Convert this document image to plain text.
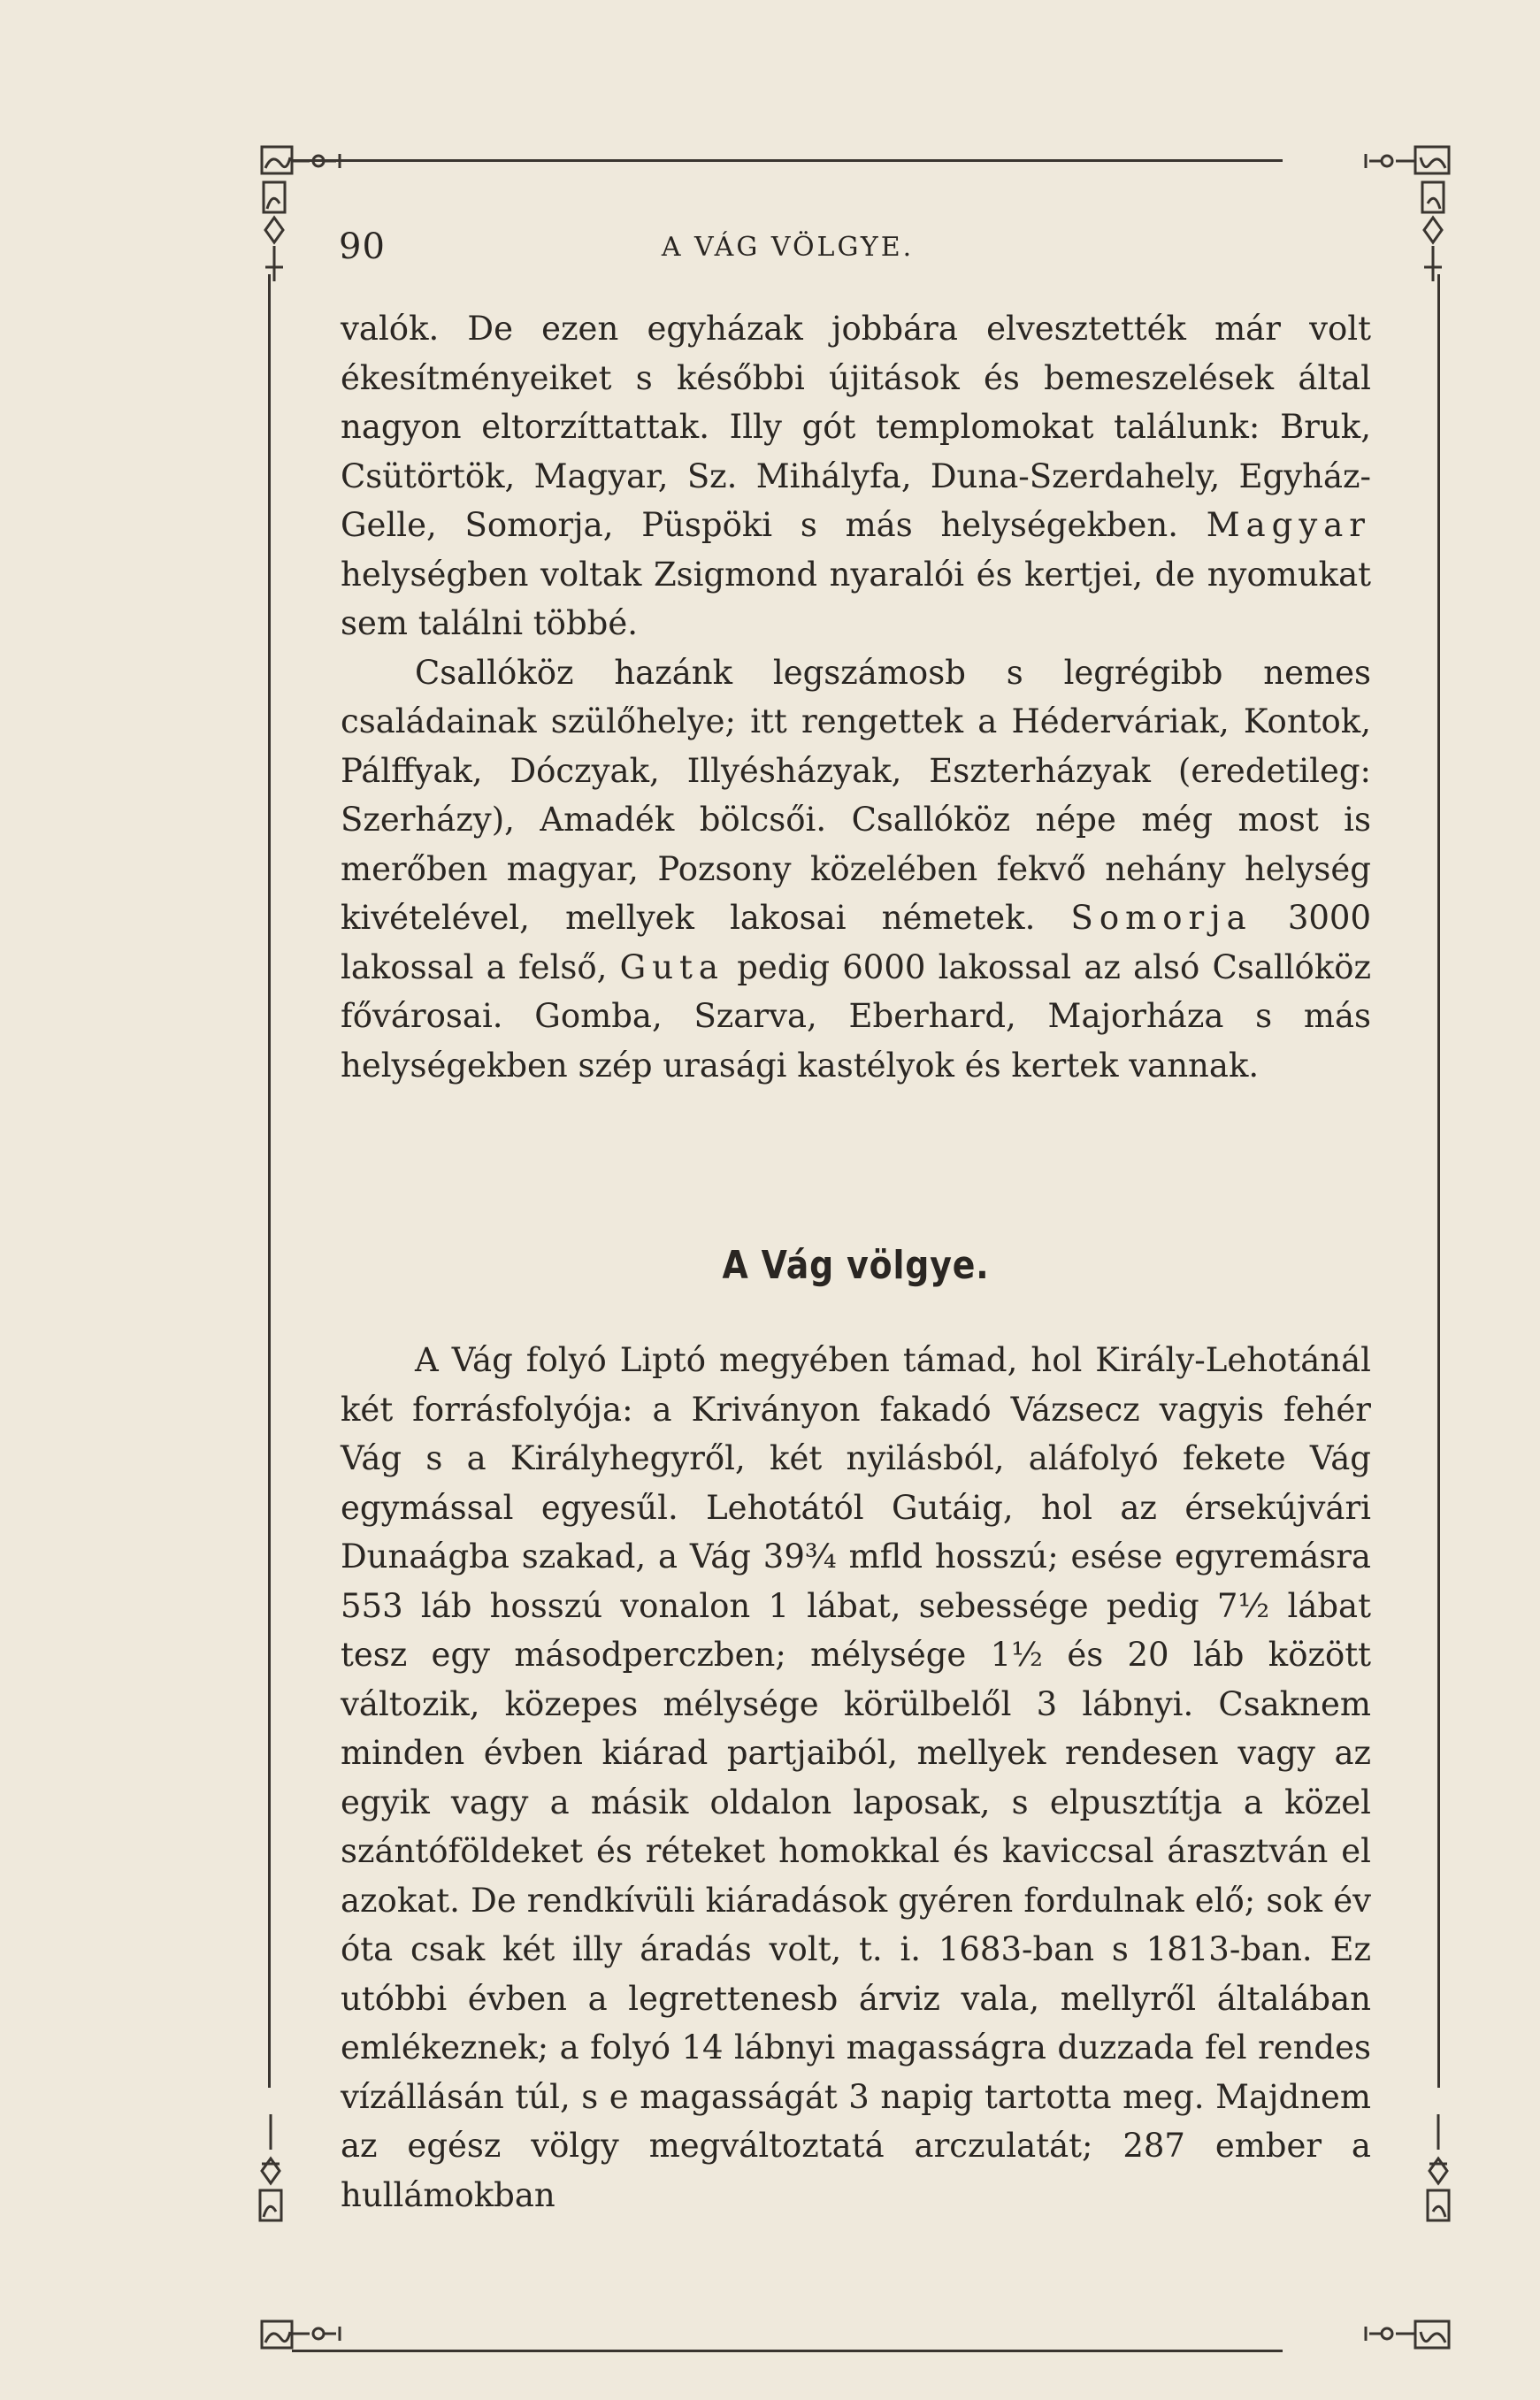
90	A VÁG VÖLGYE.

valók. De ezen egyházak jobbára elvesztették már volt ékesítményeiket s későbbi újitások és bemeszelések által nagyon eltorzíttattak. Illy gót templomokat találunk: Bruk, Csütörtök, Magyar, Sz. Mihályfa, Duna-Szerdahely, Egyház-Gelle, Somorja, Püspöki s más helységekben. Magyar helységben voltak Zsigmond nyaralói és kertjei, de nyomukat sem találni többé.

Csallóköz hazánk legszámosb s legrégibb nemes családainak szülőhelye; itt rengettek a Héderváriak, Kontok, Pálffyak, Dóczyak, Illyésházyak, Eszterházyak (eredetileg: Szerházy), Amadék bölcsői. Csallóköz népe még most is merőben magyar, Pozsony közelében fekvő nehány helység kivételével, mellyek lakosai németek. Somorja 3000 lakossal a felső, Guta pedig 6000 lakossal az alsó Csallóköz fővárosai. Gomba, Szarva, Eberhard, Majorháza s más helységekben szép urasági kastélyok és kertek vannak.

A Vág völgye.

A Vág folyó Liptó megyében támad, hol Király-Lehotánál két forrásfolyója: a Kriványon fakadó Vázsecz vagyis fehér Vág s a Királyhegyről, két nyilásból, aláfolyó fekete Vág egymással egyesűl. Lehotától Gutáig, hol az érsekújvári Dunaágba szakad, a Vág 39¾ mfld hosszú; esése egyremásra 553 láb hosszú vonalon 1 lábat, sebessége pedig 7½ lábat tesz egy másodperczben; mélysége 1½ és 20 láb között változik, közepes mélysége körülbelől 3 lábnyi. Csaknem minden évben kiárad partjaiból, mellyek rendesen vagy az egyik vagy a másik oldalon laposak, s elpusztítja a közel szántóföldeket és réteket homokkal és kaviccsal árasztván el azokat. De rendkívüli kiáradások gyéren fordulnak elő; sok év óta csak két illy áradás volt, t. i. 1683-ban s 1813-ban. Ez utóbbi évben a legrettenesb árviz vala, mellyről általában emlékeznek; a folyó 14 lábnyi magasságra duzzada fel rendes vízállásán túl, s e magasságát 3 napig tartotta meg. Majdnem az egész völgy megváltoztatá arczulatát; 287 ember a hullámokban
